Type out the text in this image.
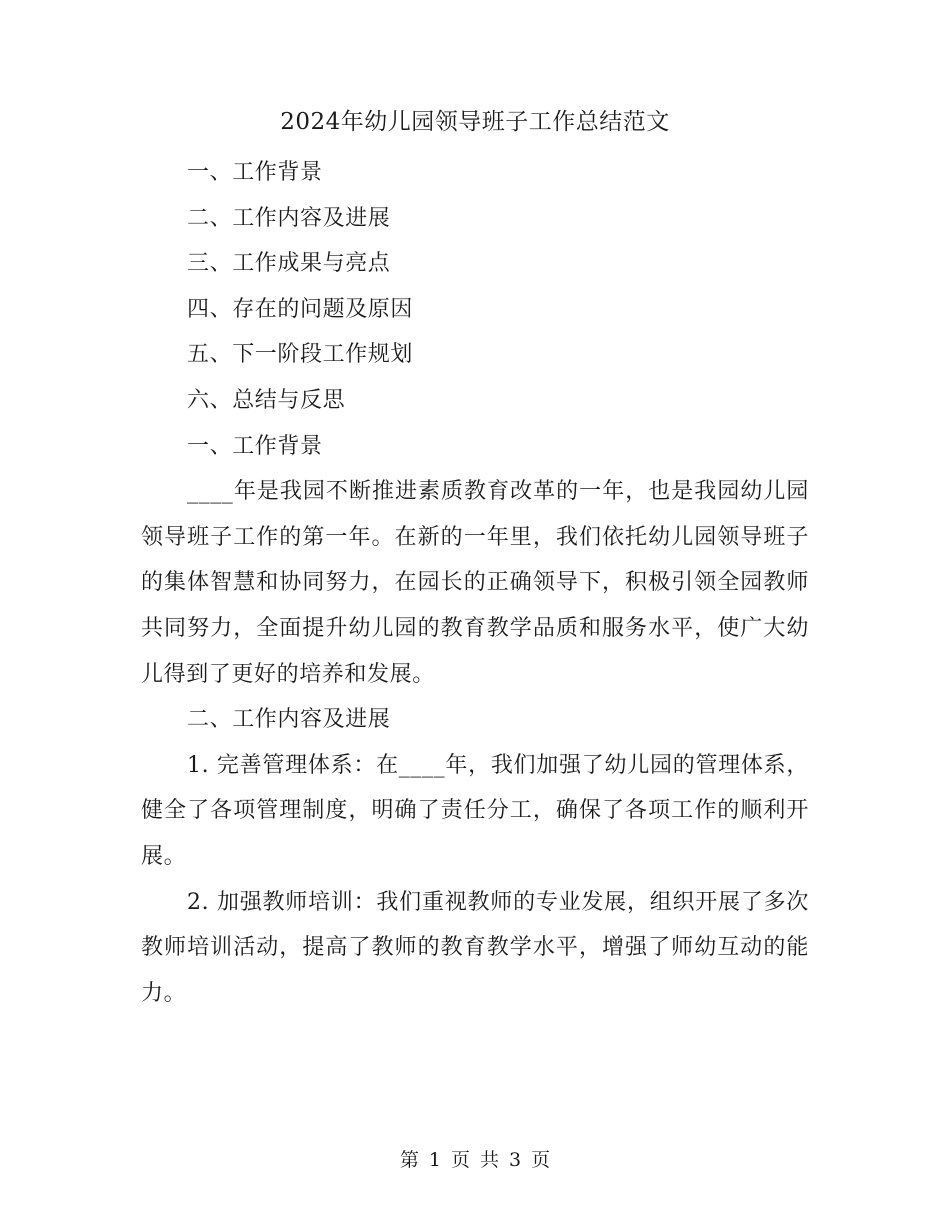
2024年幼儿园领导班子工作总结范文

一、工作背景

二、工作内容及进展

三、工作成果与亮点

四、存在的问题及原因

五、下一阶段工作规划

六、总结与反思

一、工作背景

____年是我园不断推进素质教育改革的一年，也是我园幼儿园领导班子工作的第一年。在新的一年里，我们依托幼儿园领导班子的集体智慧和协同努力，在园长的正确领导下，积极引领全园教师共同努力，全面提升幼儿园的教育教学品质和服务水平，使广大幼儿得到了更好的培养和发展。

二、工作内容及进展

1. 完善管理体系：在____年，我们加强了幼儿园的管理体系，健全了各项管理制度，明确了责任分工，确保了各项工作的顺利开展。

2. 加强教师培训：我们重视教师的专业发展，组织开展了多次教师培训活动，提高了教师的教育教学水平，增强了师幼互动的能力。

第 1 页 共 3 页
